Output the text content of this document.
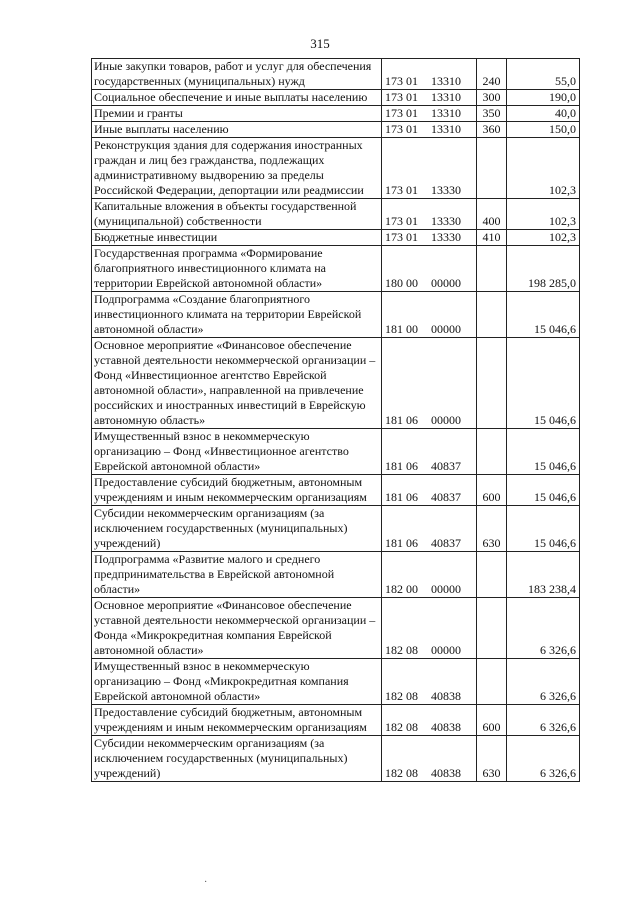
315
Иные закупки товаров, работ и услуг для обеспечения государственных (муниципальных) нужд	173 01 13310	240	55,0
Социальное обеспечение и иные выплаты населению	173 01 13310	300	190,0
Премии и гранты	173 01 13310	350	40,0
Иные выплаты населению	173 01 13310	360	150,0
Реконструкция здания для содержания иностранных граждан и лиц без гражданства, подлежащих административному выдворению за пределы Российской Федерации, депортации или реадмиссии	173 01 13330		102,3
Капитальные вложения в объекты государственной (муниципальной) собственности	173 01 13330	400	102,3
Бюджетные инвестиции	173 01 13330	410	102,3
Государственная программа «Формирование благоприятного инвестиционного климата на территории Еврейской автономной области»	180 00 00000		198 285,0
Подпрограмма «Создание благоприятного инвестиционного климата на территории Еврейской автономной области»	181 00 00000		15 046,6
Основное мероприятие «Финансовое обеспечение уставной деятельности некоммерческой организации – Фонд «Инвестиционное агентство Еврейской автономной области», направленной на привлечение российских и иностранных инвестиций в Еврейскую автономную область»	181 06 00000		15 046,6
Имущественный взнос в некоммерческую организацию – Фонд «Инвестиционное агентство Еврейской автономной области»	181 06 40837		15 046,6
Предоставление субсидий бюджетным, автономным учреждениям и иным некоммерческим организациям	181 06 40837	600	15 046,6
Субсидии некоммерческим организациям (за исключением государственных (муниципальных) учреждений)	181 06 40837	630	15 046,6
Подпрограмма «Развитие малого и среднего предпринимательства в Еврейской автономной области»	182 00 00000		183 238,4
Основное мероприятие «Финансовое обеспечение уставной деятельности некоммерческой организации – Фонда «Микрокредитная компания Еврейской автономной области»	182 08 00000		6 326,6
Имущественный взнос в некоммерческую организацию – Фонд «Микрокредитная компания Еврейской автономной области»	182 08 40838		6 326,6
Предоставление субсидий бюджетным, автономным учреждениям и иным некоммерческим организациям	182 08 40838	600	6 326,6
Субсидии некоммерческим организациям (за исключением государственных (муниципальных) учреждений)	182 08 40838	630	6 326,6
·
